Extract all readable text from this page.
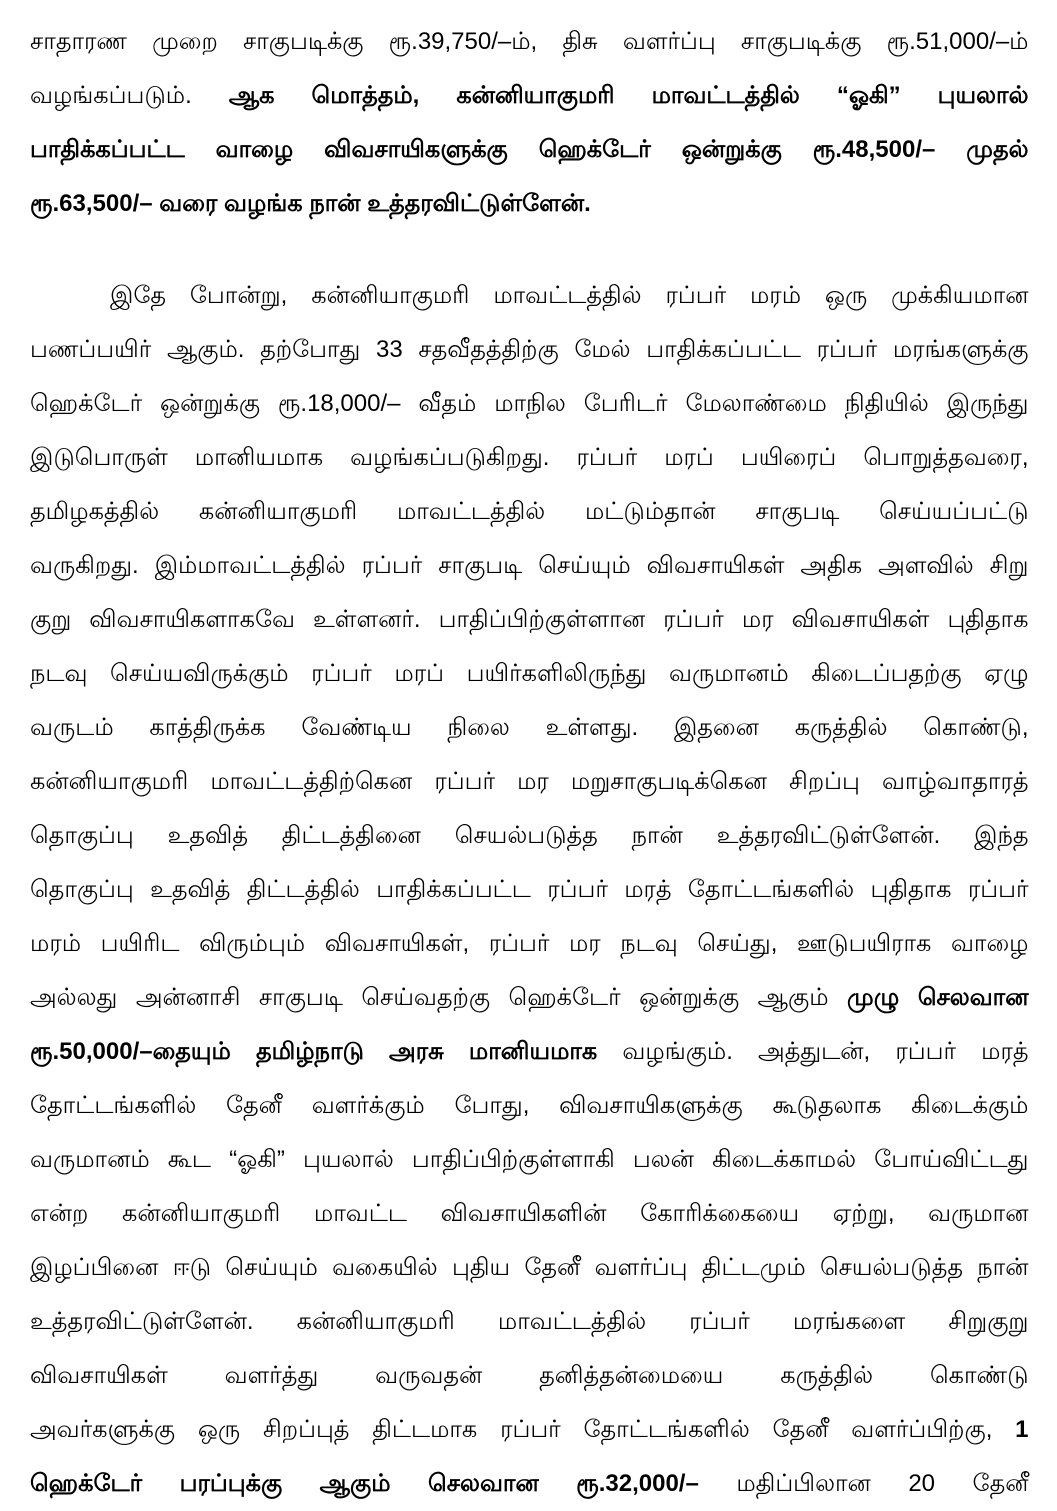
சாதாரண முறை சாகுபடிக்கு ரூ.39,750/–ம், திசு வளர்ப்பு சாகுபடிக்கு ரூ.51,000/–ம்
வழங்கப்படும். ஆக மொத்தம், கன்னியாகுமரி மாவட்டத்தில் “ஓகி” புயலால்
பாதிக்கப்பட்ட வாழை விவசாயிகளுக்கு ஹெக்டேர் ஒன்றுக்கு ரூ.48,500/– முதல்
ரூ.63,500/– வரை வழங்க நான் உத்தரவிட்டுள்ளேன்.
இதே போன்று, கன்னியாகுமரி மாவட்டத்தில் ரப்பர் மரம் ஒரு முக்கியமான
பணப்பயிர் ஆகும். தற்போது 33 சதவீதத்திற்கு மேல் பாதிக்கப்பட்ட ரப்பர் மரங்களுக்கு
ஹெக்டேர் ஒன்றுக்கு ரூ.18,000/– வீதம் மாநில பேரிடர் மேலாண்மை நிதியில் இருந்து
இடுபொருள் மானியமாக வழங்கப்படுகிறது. ரப்பர் மரப் பயிரைப் பொறுத்தவரை,
தமிழகத்தில் கன்னியாகுமரி மாவட்டத்தில் மட்டும்தான் சாகுபடி செய்யப்பட்டு
வருகிறது. இம்மாவட்டத்தில் ரப்பர் சாகுபடி செய்யும் விவசாயிகள் அதிக அளவில் சிறு
குறு விவசாயிகளாகவே உள்ளனர். பாதிப்பிற்குள்ளான ரப்பர் மர விவசாயிகள் புதிதாக
நடவு செய்யவிருக்கும் ரப்பர் மரப் பயிர்களிலிருந்து வருமானம் கிடைப்பதற்கு ஏழு
வருடம் காத்திருக்க வேண்டிய நிலை உள்ளது. இதனை கருத்தில் கொண்டு,
கன்னியாகுமரி மாவட்டத்திற்கென ரப்பர் மர மறுசாகுபடிக்கென சிறப்பு வாழ்வாதாரத்
தொகுப்பு உதவித் திட்டத்தினை செயல்படுத்த நான் உத்தரவிட்டுள்ளேன். இந்த
தொகுப்பு உதவித் திட்டத்தில் பாதிக்கப்பட்ட ரப்பர் மரத் தோட்டங்களில் புதிதாக ரப்பர்
மரம் பயிரிட விரும்பும் விவசாயிகள், ரப்பர் மர நடவு செய்து, ஊடுபயிராக வாழை
அல்லது அன்னாசி சாகுபடி செய்வதற்கு ஹெக்டேர் ஒன்றுக்கு ஆகும் முழு செலவான
ரூ.50,000/–தையும் தமிழ்நாடு அரசு மானியமாக வழங்கும். அத்துடன், ரப்பர் மரத்
தோட்டங்களில் தேனீ வளர்க்கும் போது, விவசாயிகளுக்கு கூடுதலாக கிடைக்கும்
வருமானம் கூட “ஓகி” புயலால் பாதிப்பிற்குள்ளாகி பலன் கிடைக்காமல் போய்விட்டது
என்ற கன்னியாகுமரி மாவட்ட விவசாயிகளின் கோரிக்கையை ஏற்று, வருமான
இழப்பினை ஈடு செய்யும் வகையில் புதிய தேனீ வளர்ப்பு திட்டமும் செயல்படுத்த நான்
உத்தரவிட்டுள்ளேன். கன்னியாகுமரி மாவட்டத்தில் ரப்பர் மரங்களை சிறுகுறு
விவசாயிகள் வளர்த்து வருவதன் தனித்தன்மையை கருத்தில் கொண்டு
அவர்களுக்கு ஒரு சிறப்புத் திட்டமாக ரப்பர் தோட்டங்களில் தேனீ வளர்ப்பிற்கு, 1
ஹெக்டேர் பரப்புக்கு ஆகும் செலவான ரூ.32,000/– மதிப்பிலான 20 தேனீ
